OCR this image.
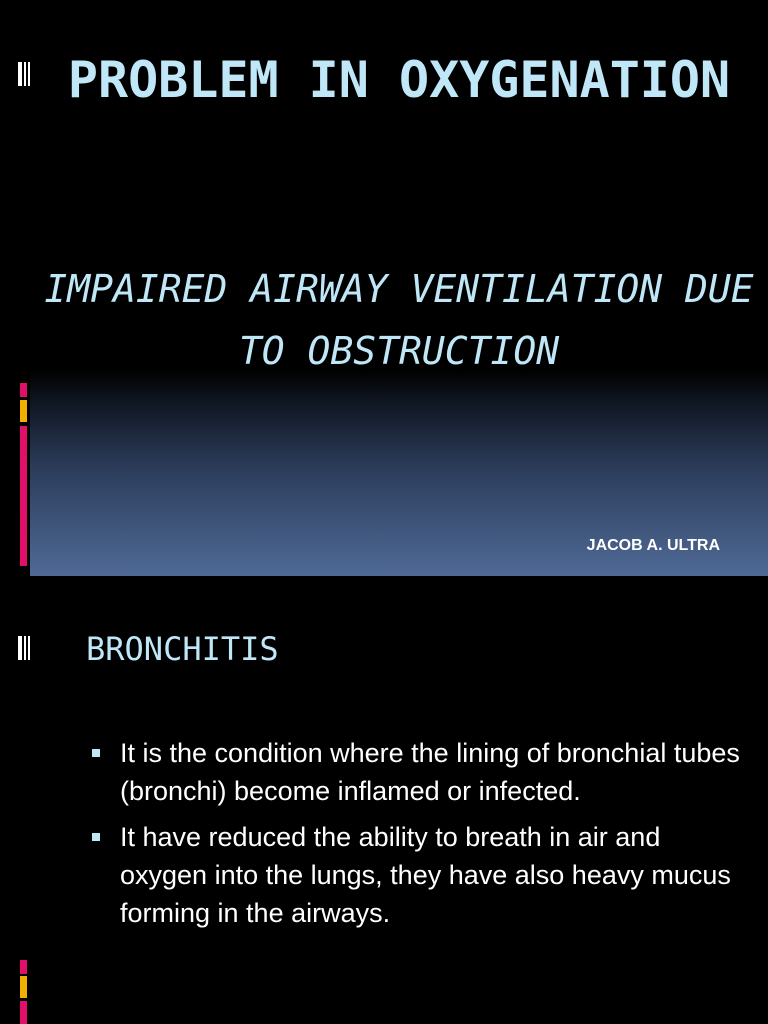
PROBLEM IN OXYGENATION
IMPAIRED AIRWAY VENTILATION DUE TO OBSTRUCTION
JACOB A. ULTRA
BRONCHITIS
It is the condition where the lining of bronchial tubes (bronchi) become inflamed or infected.
It have reduced the ability to breath in air and oxygen into the lungs, they have also heavy mucus forming in the airways.
